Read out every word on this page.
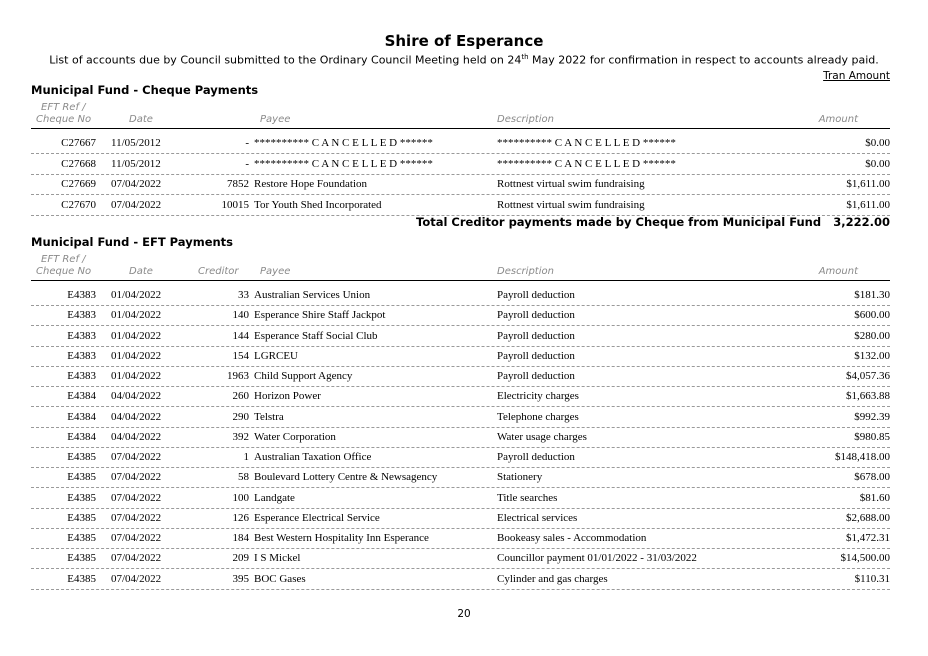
Shire of Esperance
List of accounts due by Council submitted to the Ordinary Council Meeting held on 24th May 2022 for confirmation in respect to accounts already paid.
Tran Amount
Municipal Fund - Cheque Payments
EFT Ref /
Cheque No	Date	Payee	Description	Amount
C27667 11/05/2012	- ********** C A N C E L L E D ******	********** C A N C E L L E D ******	$0.00
C27668 11/05/2012	- ********** C A N C E L L E D ******	********** C A N C E L L E D ******	$0.00
C27669 07/04/2022	7852 Restore Hope Foundation	Rottnest virtual swim fundraising	$1,611.00
C27670 07/04/2022	10015 Tor Youth Shed Incorporated	Rottnest virtual swim fundraising	$1,611.00
Total Creditor payments made by Cheque from Municipal Fund 3,222.00
Municipal Fund - EFT Payments
EFT Ref /
Cheque No	Date	Creditor Payee	Description	Amount
E4383 01/04/2022	33 Australian Services Union	Payroll deduction	$181.30
E4383 01/04/2022	140 Esperance Shire Staff Jackpot	Payroll deduction	$600.00
E4383 01/04/2022	144 Esperance Staff Social Club	Payroll deduction	$280.00
E4383 01/04/2022	154 LGRCEU	Payroll deduction	$132.00
E4383 01/04/2022	1963 Child Support Agency	Payroll deduction	$4,057.36
E4384 04/04/2022	260 Horizon Power	Electricity charges	$1,663.88
E4384 04/04/2022	290 Telstra	Telephone charges	$992.39
E4384 04/04/2022	392 Water Corporation	Water usage charges	$980.85
E4385 07/04/2022	1 Australian Taxation Office	Payroll deduction	$148,418.00
E4385 07/04/2022	58 Boulevard Lottery Centre & Newsagency	Stationery	$678.00
E4385 07/04/2022	100 Landgate	Title searches	$81.60
E4385 07/04/2022	126 Esperance Electrical Service	Electrical services	$2,688.00
E4385 07/04/2022	184 Best Western Hospitality Inn Esperance	Bookeasy sales - Accommodation	$1,472.31
E4385 07/04/2022	209 I S Mickel	Councillor payment 01/01/2022 - 31/03/2022	$14,500.00
E4385 07/04/2022	395 BOC Gases	Cylinder and gas charges	$110.31
20
